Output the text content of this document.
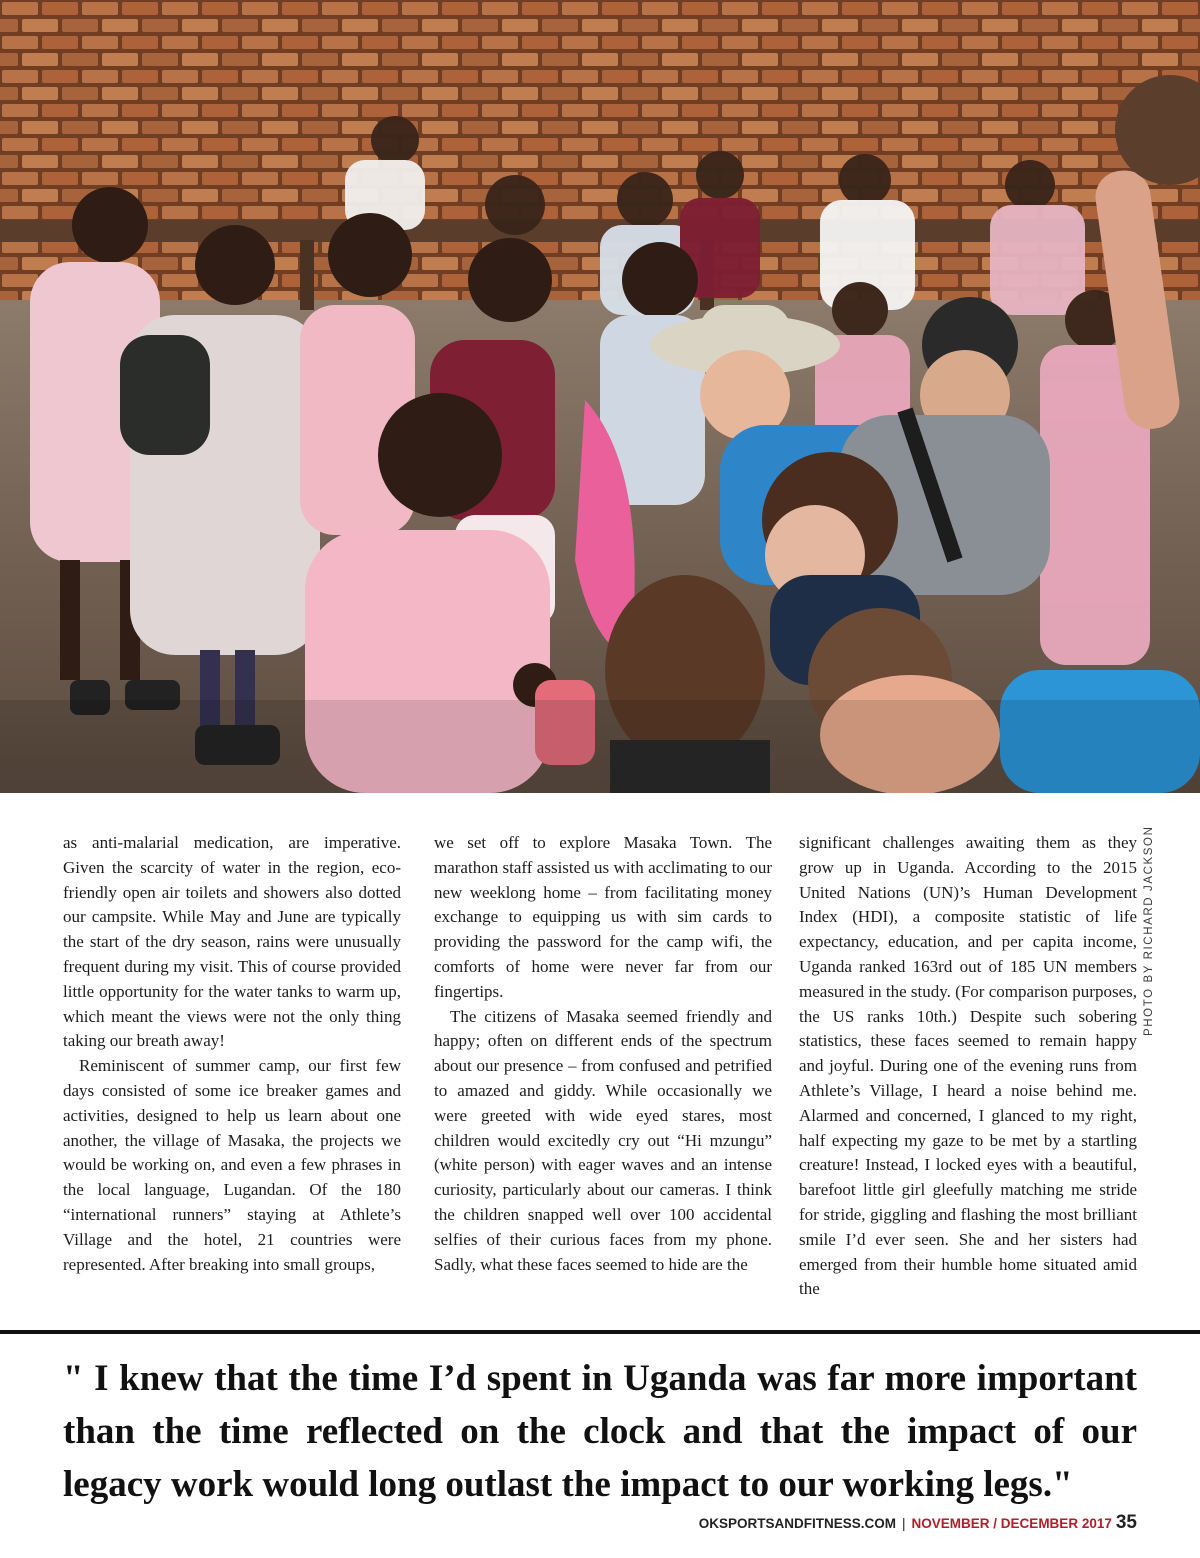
as anti-malarial medication, are imperative. Given the scarcity of water in the region, eco-friendly open air toilets and showers also dotted our campsite. While May and June are typically the start of the dry season, rains were unusually frequent during my visit. This of course provided little opportunity for the water tanks to warm up, which meant the views were not the only thing taking our breath away!

Reminiscent of summer camp, our first few days consisted of some ice breaker games and activities, designed to help us learn about one another, the village of Masaka, the projects we would be working on, and even a few phrases in the local language, Lugandan. Of the 180 “international runners” staying at Athlete’s Village and the hotel, 21 countries were represented. After breaking into small groups,

we set off to explore Masaka Town. The marathon staff assisted us with acclimating to our new weeklong home – from facilitating money exchange to equipping us with sim cards to providing the password for the camp wifi, the comforts of home were never far from our fingertips.

The citizens of Masaka seemed friendly and happy; often on different ends of the spectrum about our presence – from confused and petrified to amazed and giddy. While occasionally we were greeted with wide eyed stares, most children would excitedly cry out “Hi mzungu” (white person) with eager waves and an intense curiosity, particularly about our cameras. I think the children snapped well over 100 accidental selfies of their curious faces from my phone. Sadly, what these faces seemed to hide are the

significant challenges awaiting them as they grow up in Uganda. According to the 2015 United Nations (UN)’s Human Development Index (HDI), a composite statistic of life expectancy, education, and per capita income, Uganda ranked 163rd out of 185 UN members measured in the study. (For comparison purposes, the US ranks 10th.) Despite such sobering statistics, these faces seemed to remain happy and joyful. During one of the evening runs from Athlete’s Village, I heard a noise behind me. Alarmed and concerned, I glanced to my right, half expecting my gaze to be met by a startling creature! Instead, I locked eyes with a beautiful, barefoot little girl gleefully matching me stride for stride, giggling and flashing the most brilliant smile I’d ever seen. She and her sisters had emerged from their humble home situated amid the

PHOTO BY RICHARD JACKSON
" I knew that the time I’d spent in Uganda was far more important than the time reflected on the clock and that the impact of our legacy work would long outlast the impact to our working legs."
OKSPORTSANDFITNESS.COM | NOVEMBER / DECEMBER 2017 35
